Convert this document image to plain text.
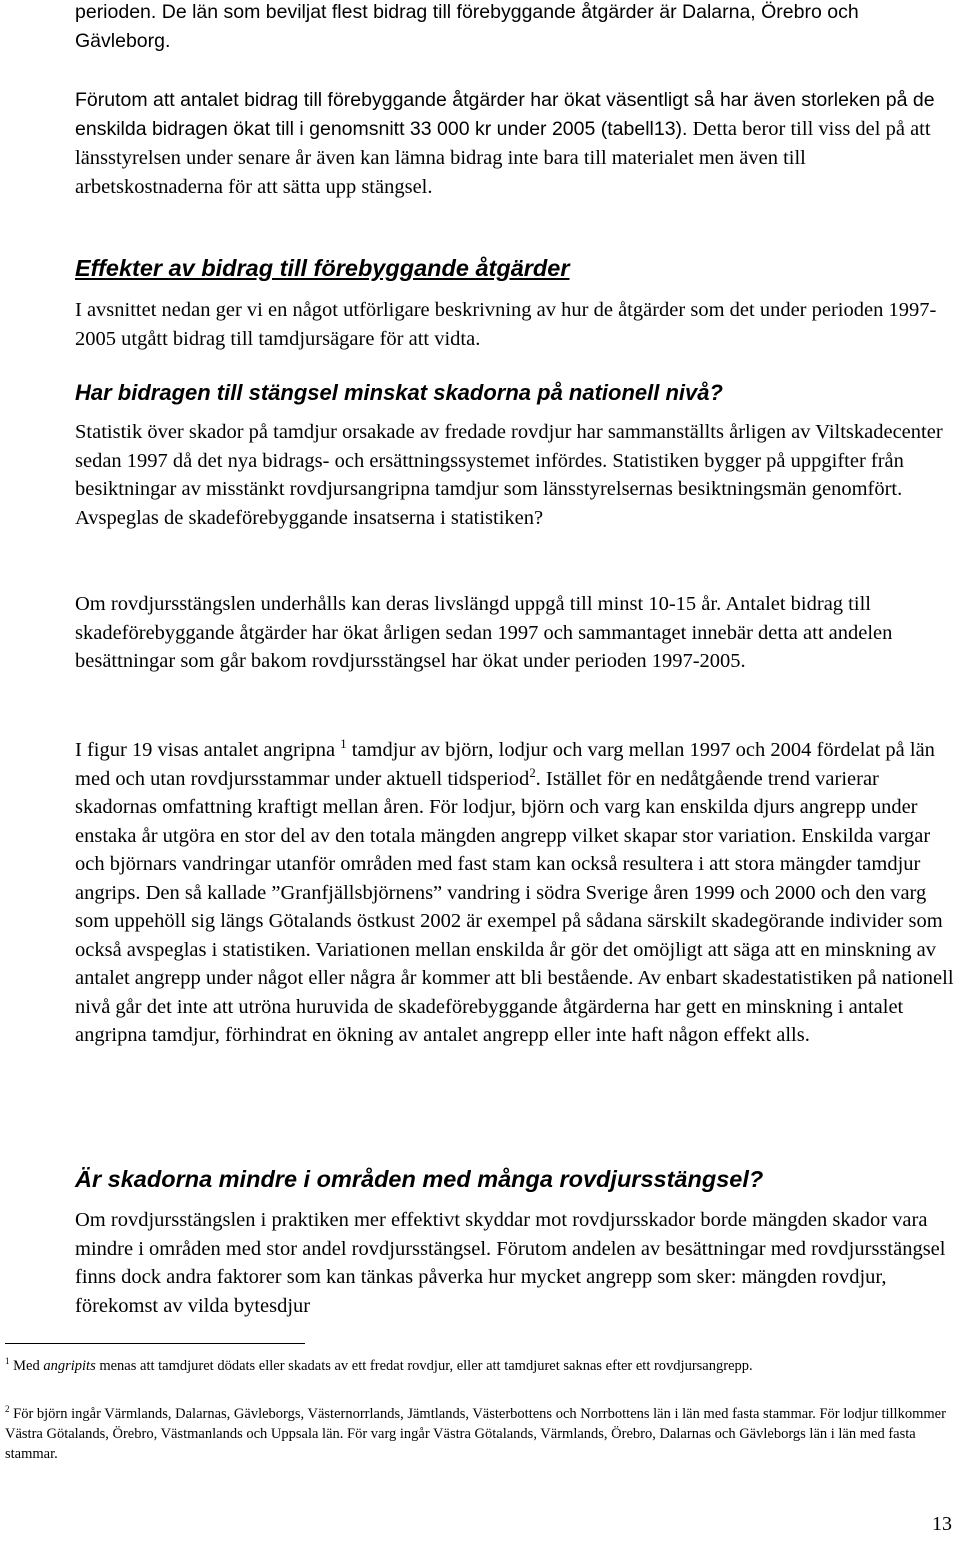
perioden. De län som beviljat flest bidrag till förebyggande åtgärder är Dalarna, Örebro och Gävleborg.

Förutom att antalet bidrag till förebyggande åtgärder har ökat väsentligt så har även storleken på de enskilda bidragen ökat till i genomsnitt 33 000 kr under 2005 (tabell13). Detta beror till viss del på att länsstyrelsen under senare år även kan lämna bidrag inte bara till materialet men även till arbetskostnaderna för att sätta upp stängsel.

Effekter av bidrag till förebyggande åtgärder

I avsnittet nedan ger vi en något utförligare beskrivning av hur de åtgärder som det under perioden 1997-2005 utgått bidrag till tamdjursägare för att vidta.

Har bidragen till stängsel minskat skadorna på nationell nivå?

Statistik över skador på tamdjur orsakade av fredade rovdjur har sammanställts årligen av Viltskadecenter sedan 1997 då det nya bidrags- och ersättningssystemet infördes. Statistiken bygger på uppgifter från besiktningar av misstänkt rovdjursangripna tamdjur som länsstyrelsernas besiktningsmän genomfört. Avspeglas de skadeförebyggande insatserna i statistiken?

Om rovdjursstängslen underhålls kan deras livslängd uppgå till minst 10-15 år. Antalet bidrag till skadeförebyggande åtgärder har ökat årligen sedan 1997 och sammantaget innebär detta att andelen besättningar som går bakom rovdjursstängsel har ökat under perioden 1997-2005.

I figur 19 visas antalet angripna $^1$ tamdjur av björn, lodjur och varg mellan 1997 och 2004 fördelat på län med och utan rovdjursstammar under aktuell tidsperiod$^2$. Istället för en nedåtgående trend varierar skadornas omfattning kraftigt mellan åren. För lodjur, björn och varg kan enskilda djurs angrepp under enstaka år utgöra en stor del av den totala mängden angrepp vilket skapar stor variation. Enskilda vargar och björnars vandringar utanför områden med fast stam kan också resultera i att stora mängder tamdjur angrips. Den så kallade ”Granfjällsbjörnens” vandring i södra Sverige åren 1999 och 2000 och den varg som uppehöll sig längs Götalands östkust 2002 är exempel på sådana särskilt skadegörande individer som också avspeglas i statistiken. Variationen mellan enskilda år gör det omöjligt att säga att en minskning av antalet angrepp under något eller några år kommer att bli bestående. Av enbart skadestatistiken på nationell nivå går det inte att utröna huruvida de skadeförebyggande åtgärderna har gett en minskning i antalet angripna tamdjur, förhindrat en ökning av antalet angrepp eller inte haft någon effekt alls.

Är skadorna mindre i områden med många rovdjursstängsel?

Om rovdjursstängslen i praktiken mer effektivt skyddar mot rovdjursskador borde mängden skador vara mindre i områden med stor andel rovdjursstängsel. Förutom andelen av besättningar med rovdjursstängsel finns dock andra faktorer som kan tänkas påverka hur mycket angrepp som sker: mängden rovdjur, förekomst av vilda bytesdjur

$^1$ Med angripits menas att tamdjuret dödats eller skadats av ett fredat rovdjur, eller att tamdjuret saknas efter ett rovdjursangrepp.

$^2$ För björn ingår Värmlands, Dalarnas, Gävleborgs, Västernorrlands, Jämtlands, Västerbottens och Norrbottens län i län med fasta stammar. För lodjur tillkommer Västra Götalands, Örebro, Västmanlands och Uppsala län. För varg ingår Västra Götalands, Värmlands, Örebro, Dalarnas och Gävleborgs län i län med fasta stammar.

13
